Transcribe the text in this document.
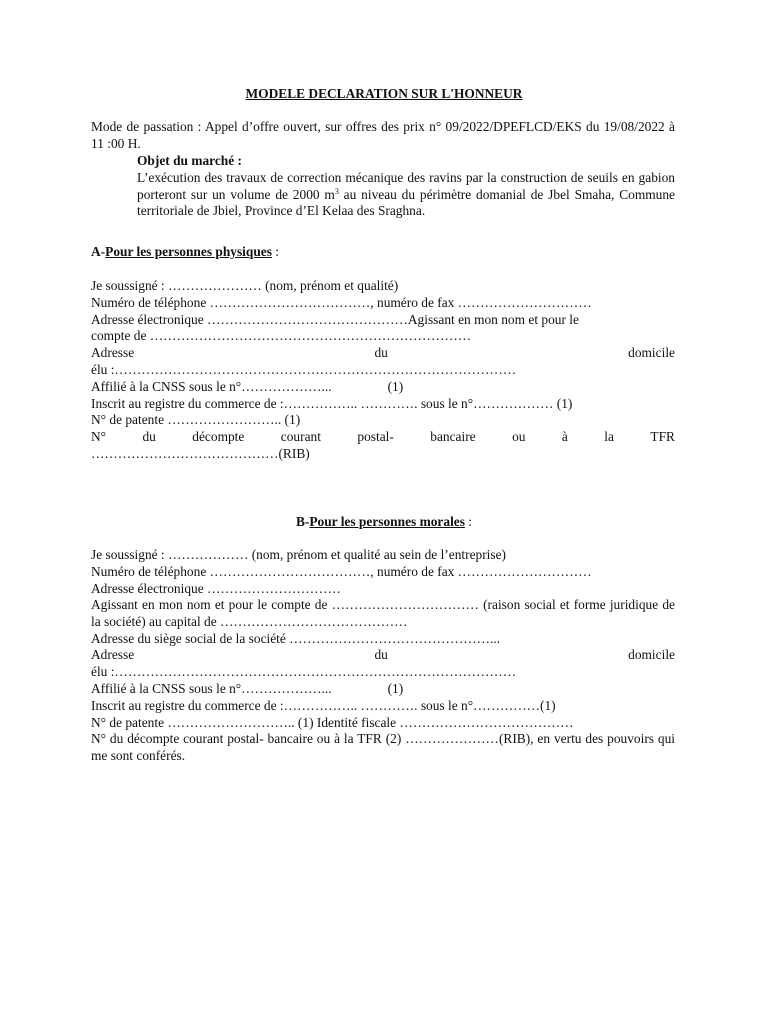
MODELE DECLARATION SUR L'HONNEUR
Mode de passation : Appel d’offre ouvert, sur offres des prix n° 09/2022/DPEFLCD/EKS du 19/08/2022 à 11 :00 H.
Objet du marché :
L’exécution des travaux de correction mécanique des ravins par la construction de seuils en gabion porteront sur un volume de 2000 $m^3$ au niveau du périmètre domanial de Jbel Smaha, Commune territoriale de Jbiel, Province d’El Kelaa des Sraghna.
A-Pour les personnes physiques :
Je soussigné : ………………… (nom, prénom et qualité)
Numéro de téléphone ………………………………, numéro de fax …………………………
Adresse électronique ………………………………………Agissant en mon nom et pour le
compte de ………………………………………………………………
Adresse	du	domicile
élu :………………………………………………………………………………
Affilié à la CNSS sous le n°………………...	(1)
Inscrit au registre du commerce de :…………….. …………. sous le n°……………… (1)
N° de patente …………………….. (1)
N°	du	décompte	courant	postal-	bancaire	ou	à	la	TFR
……………………………………(RIB)
B-Pour les personnes morales :
Je soussigné : ……………… (nom, prénom et qualité au sein de l’entreprise)
Numéro de téléphone ………………………………, numéro de fax …………………………
Adresse électronique …………………………
Agissant en mon nom et pour le compte de …………………………… (raison social et forme juridique de la société) au capital de ……………………………………
Adresse du siège social de la société ………………………………………...
Adresse	du	domicile
élu :………………………………………………………………………………
Affilié à la CNSS sous le n°………………...	(1)
Inscrit au registre du commerce de :…………….. …………. sous le n°……………(1)
N° de patente ……………………….. (1) Identité fiscale …………………………………
N° du décompte courant postal- bancaire ou à la TFR (2) …………………(RIB), en vertu des pouvoirs qui me sont conférés.
